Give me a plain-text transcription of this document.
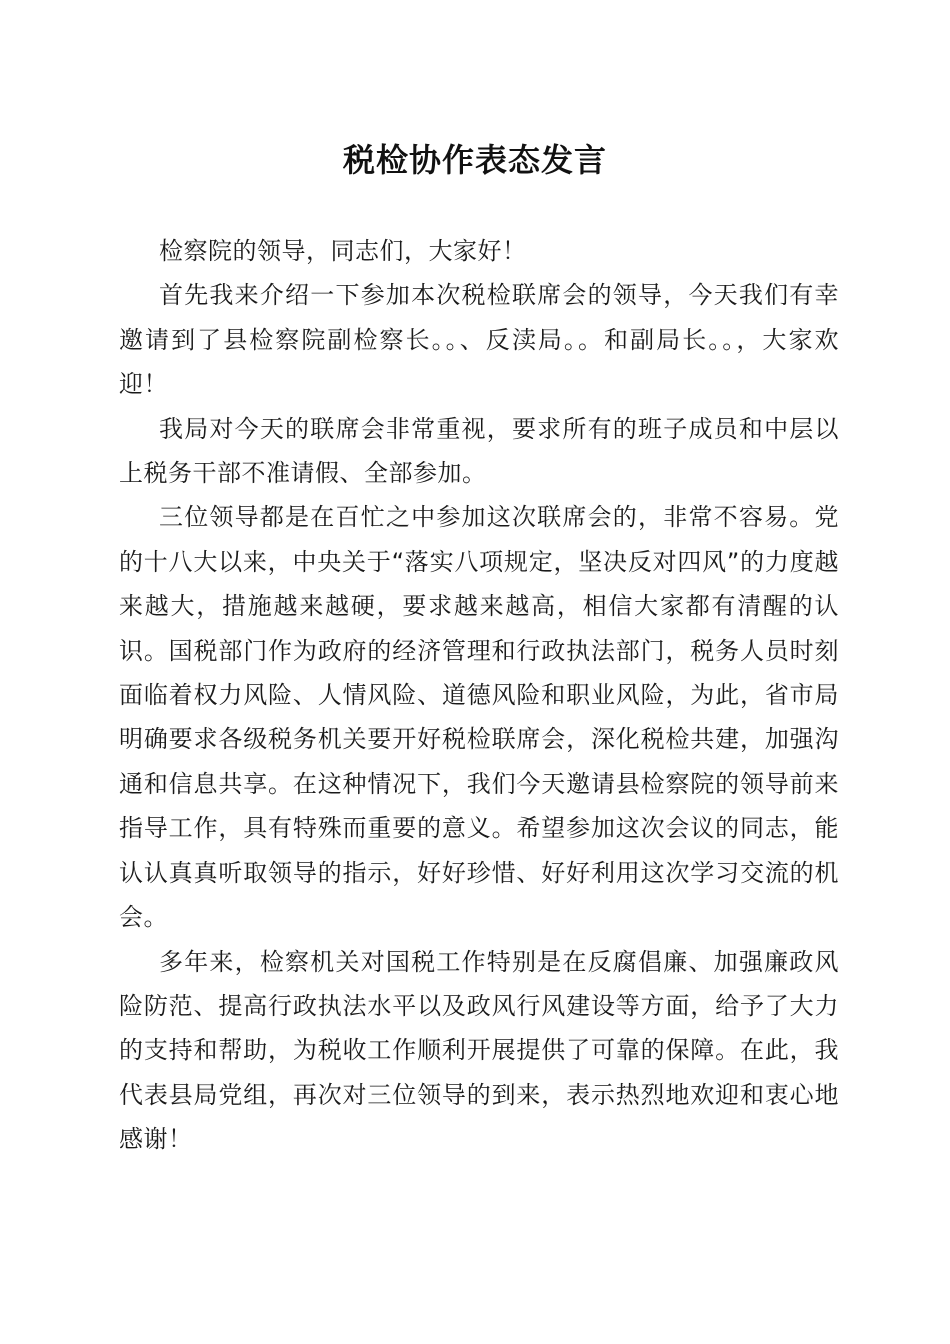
税检协作表态发言

检察院的领导，同志们，大家好！

首先我来介绍一下参加本次税检联席会的领导，今天我们有幸邀请到了县检察院副检察长。。、反渎局。。和副局长。。，大家欢迎！

我局对今天的联席会非常重视，要求所有的班子成员和中层以上税务干部不准请假、全部参加。

三位领导都是在百忙之中参加这次联席会的，非常不容易。党的十八大以来，中央关于“落实八项规定，坚决反对四风”的力度越来越大，措施越来越硬，要求越来越高，相信大家都有清醒的认识。国税部门作为政府的经济管理和行政执法部门，税务人员时刻面临着权力风险、人情风险、道德风险和职业风险，为此，省市局明确要求各级税务机关要开好税检联席会，深化税检共建，加强沟通和信息共享。在这种情况下，我们今天邀请县检察院的领导前来指导工作，具有特殊而重要的意义。希望参加这次会议的同志，能认认真真听取领导的指示，好好珍惜、好好利用这次学习交流的机会。

多年来，检察机关对国税工作特别是在反腐倡廉、加强廉政风险防范、提高行政执法水平以及政风行风建设等方面，给予了大力的支持和帮助，为税收工作顺利开展提供了可靠的保障。在此，我代表县局党组，再次对三位领导的到来，表示热烈地欢迎和衷心地感谢！
